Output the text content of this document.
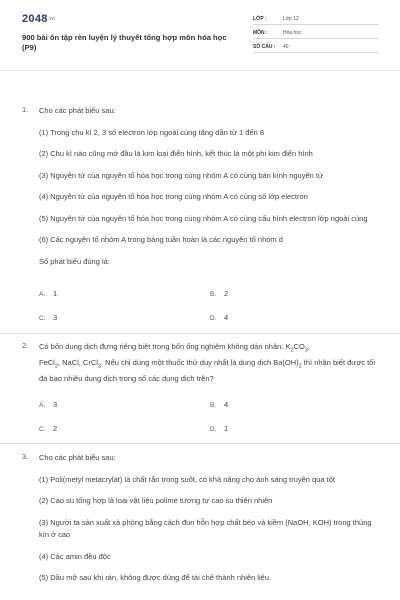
2048.vn
900 bài ôn tập rèn luyện lý thuyết tổng hợp môn hóa học
(P9)
LỚP :	Lớp 12
MÔN :	Hóa học
SỐ CÂU : 40
1. Cho các phát biểu sau:

(1) Trong chu kì 2, 3 số electron lớp ngoài cùng tăng dần từ 1 đến 8

(2) Chu kì nào cũng mở đầu là kim loại điển hình, kết thúc là một phi kim điển hình

(3) Nguyên tử của nguyên tố hóa học trong cùng nhóm A có cùng bán kính nguyên tử

(4) Nguyên tử của nguyên tố hóa học trong cùng nhóm A có cùng số lớp electron

(5) Nguyên tử của nguyên tố hóa học trong cùng nhóm A có cùng cấu hình electron lớp ngoài cùng

(6) Các nguyên tố nhóm A trong bảng tuần hoàn là các nguyên tố nhóm d

Số phát biểu đúng là:

A. 1	B. 2
C. 3	D. 4
2. Có bốn dung dịch đựng riêng biệt trong bốn ống nghiệm không dán nhãn: $K_2CO_3$,
FeCl$_2$, NaCl, CrCl$_3$. Nếu chỉ dùng một thuốc thử duy nhất là dung dịch $Ba(OH)_2$ thì nhận biết được tối đa bao nhiêu dung dịch trong số các dung dịch trên?
A. 3	B. 4
C. 2	D. 1
3. Cho các phát biểu sau:

(1) Poli(metyl metacrylat) là chất rắn trong suốt, có khả năng cho ánh sáng truyền qua tốt

(2) Cao su tổng hợp là loại vật liệu polime tương tự cao su thiên nhiên

(3) Người ta sản xuất xà phòng bằng cách đun hỗn hợp chất béo và kiềm (NaOH, KOH) trong thùng kín ở cao

(4) Các amin đều độc

(5) Dầu mỡ sau khi rán, không được dùng để tái chế thành nhiên liệu.
